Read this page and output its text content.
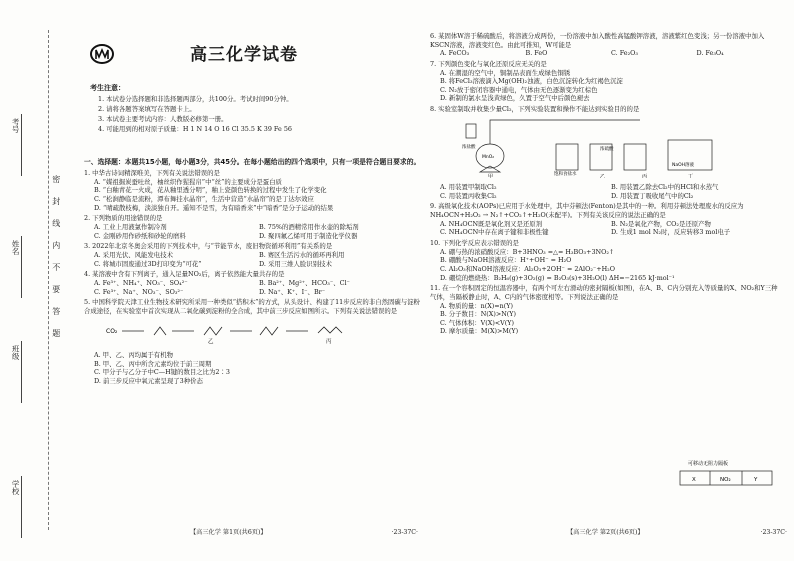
密封线内不要答题
考号
姓名
班级
学校
高三化学试卷
考生注意：

1. 本试卷分选择题和非选择题两部分，共100分。考试时间90分钟。

2. 请将各题答案填写在答题卡上。

3. 本试卷主要考试内容：人教版必修第一册。

4. 可能用到的相对原子质量：H 1 N 14 O 16 Cl 35.5 K 39 Fe 56

一、选择题：本题共15小题，每小题3分，共45分。在每小题给出的四个选项中，只有一项是符合题目要求的。
1. 中华古诗词精深唯美，下列有关说法错误的是
A. “媒祖掘炭蚕吐丝，柚丝织作猩猩帛”中“丝”的主要成分是蛋白质
B. “白釉青花一火成，花从釉里透分明”，釉上瓷颜色转换的过程中发生了化学变化
C. “松涧静临是流粉，潭布舞挂水晶帘”，生活中营造“水晶帘”的是丁达尔效应
D. “晴疏散枝梅，淡淡独自开。遥知不是雪，为有暗香来”中“暗香”是分子运动的结果
2. 下列物质的用途错误的是
A. 工业上用液氯作制冷剂	B. 75%的酒精常用作水壶的除垢剂
C. 金刚砂用作砂纸和砂轮的磨料	D. 聚四氟乙烯可用于制造化学仪器
3. 2022年北京冬奥会采用的下列技术中，与“节能节水，废旧物资循环利用”有关系的是
A. 采用光伏、风能发电技术	B. 赛区生活污水的循环再利用
C. 将城市固废通过3D打印变为“可花”	D. 采用三维人脸识别技术
4. 某溶液中含有下列离子，通入足量NO₂后，离子依然能大量共存的是
A. Fe³⁺、NH₄⁺、NO₃⁻、SO₄²⁻	B. Ba²⁺、Mg²⁺、HCO₃⁻、Cl⁻
C. Fe³⁺、Na⁺、NO₃⁻、SO₃²⁻	D. Na⁺、K⁺、I⁻、Br⁻
5. 中国科学院天津工业生物技术研究所采用一种类似“搭积木”的方式，从头设计、构建了11步反应的非自然固碳与淀粉合成途径，在实验室中首次实现从二氧化碳到淀粉的全合成，其中前三步反应如图所示。下列有关说法错误的是
CO₂
乙	丙
A. 甲、乙、丙均属于有机物
B. 甲、乙、丙中所含元素均位于前三周期
C. 甲分子与乙分子中C—H键的数目之比为2∶3
D. 前三步反应中氧元素呈现了3种价态
【高三化学 第1页(共6页)】	·23-37C·
6. 某固体W溶于稀硫酸后，将溶液分成两份，一份溶液中加入酸性高锰酸钾溶液，溶液紫红色变浅；另一份溶液中加入KSCN溶液，溶液变红色。由此可推知，W可能是
A. FeCO₃	B. FeO	C. Fe₂O₃	D. Fe₃O₄
7. 下列颜色变化与氧化还原反应无关的是
A. 在潮湿的空气中，铜制品表面生成绿色铜锈
B. 将FeCl₃溶液滴入Mg(OH)₂浊液，白色沉淀转化为红褐色沉淀
C. N₂放于密闭容器中通电，气体由无色逐渐变为红棕色
D. 新制的氯水呈浅黄绿色，久置于空气中后颜色褪去
8. 实验室制取并收集少量Cl₂，下列实验装置和操作不能达到实验目的的是
MnO₂
浓盐酸
饱和食盐水
浓硫酸
NaOH溶液
甲	乙	丙	丁
A. 用装置甲制取Cl₂	B. 用装置乙除去Cl₂中的HCl和水蒸气
C. 用装置丙收集Cl₂	D. 用装置丁吸收尾气中的Cl₂
9. 高级氧化技术(AOPs)已应用于水处理中，其中芬顿法(Fenton)是其中的一种。利用芬顿法处理废水的反应为NH₄OCN+H₂O₂ → N₂↑+CO₂↑+H₂O(未配平)。下列有关该反应的说法正确的是
A. NH₄OCN既是氧化剂又是还原剂	B. N₂是氧化产物，CO₂是还原产物
C. NH₄OCN中存在离子键和非极性键	D. 生成1 mol N₂时，反应转移3 mol电子
10. 下列化学反应表示错误的是
A. 硼与热的浓硝酸反应：B+3HNO₃ =△= H₃BO₃+3NO₂↑
B. 硼酸与NaOH溶液反应：H⁺+OH⁻ = H₂O
C. Al₂O₃和NaOH溶液反应：Al₂O₃+2OH⁻ = 2AlO₂⁻+H₂O
D. 硼烷的燃烧热：B₂H₆(g)+3O₂(g) = B₂O₃(s)+3H₂O(l) ΔH=−2165 kJ·mol⁻¹
11. 在一个容积固定的恒温容器中，有两个可左右滑动的密封隔板(如图)，在A、B、C内分别充入等质量的X、NO₂和Y三种气体，当隔板静止时，A、C内的气体密度相等。下列说法正确的是
A. 物质的量：n(X)=n(Y)
B. 分子数目：N(X)>N(Y)
C. 气体体积：V(X)<V(Y)
D. 摩尔质量：M(X)>M(Y)
可移动无阻力隔板
X	NO₂	Y
【高三化学 第2页(共6页)】	·23-37C·
